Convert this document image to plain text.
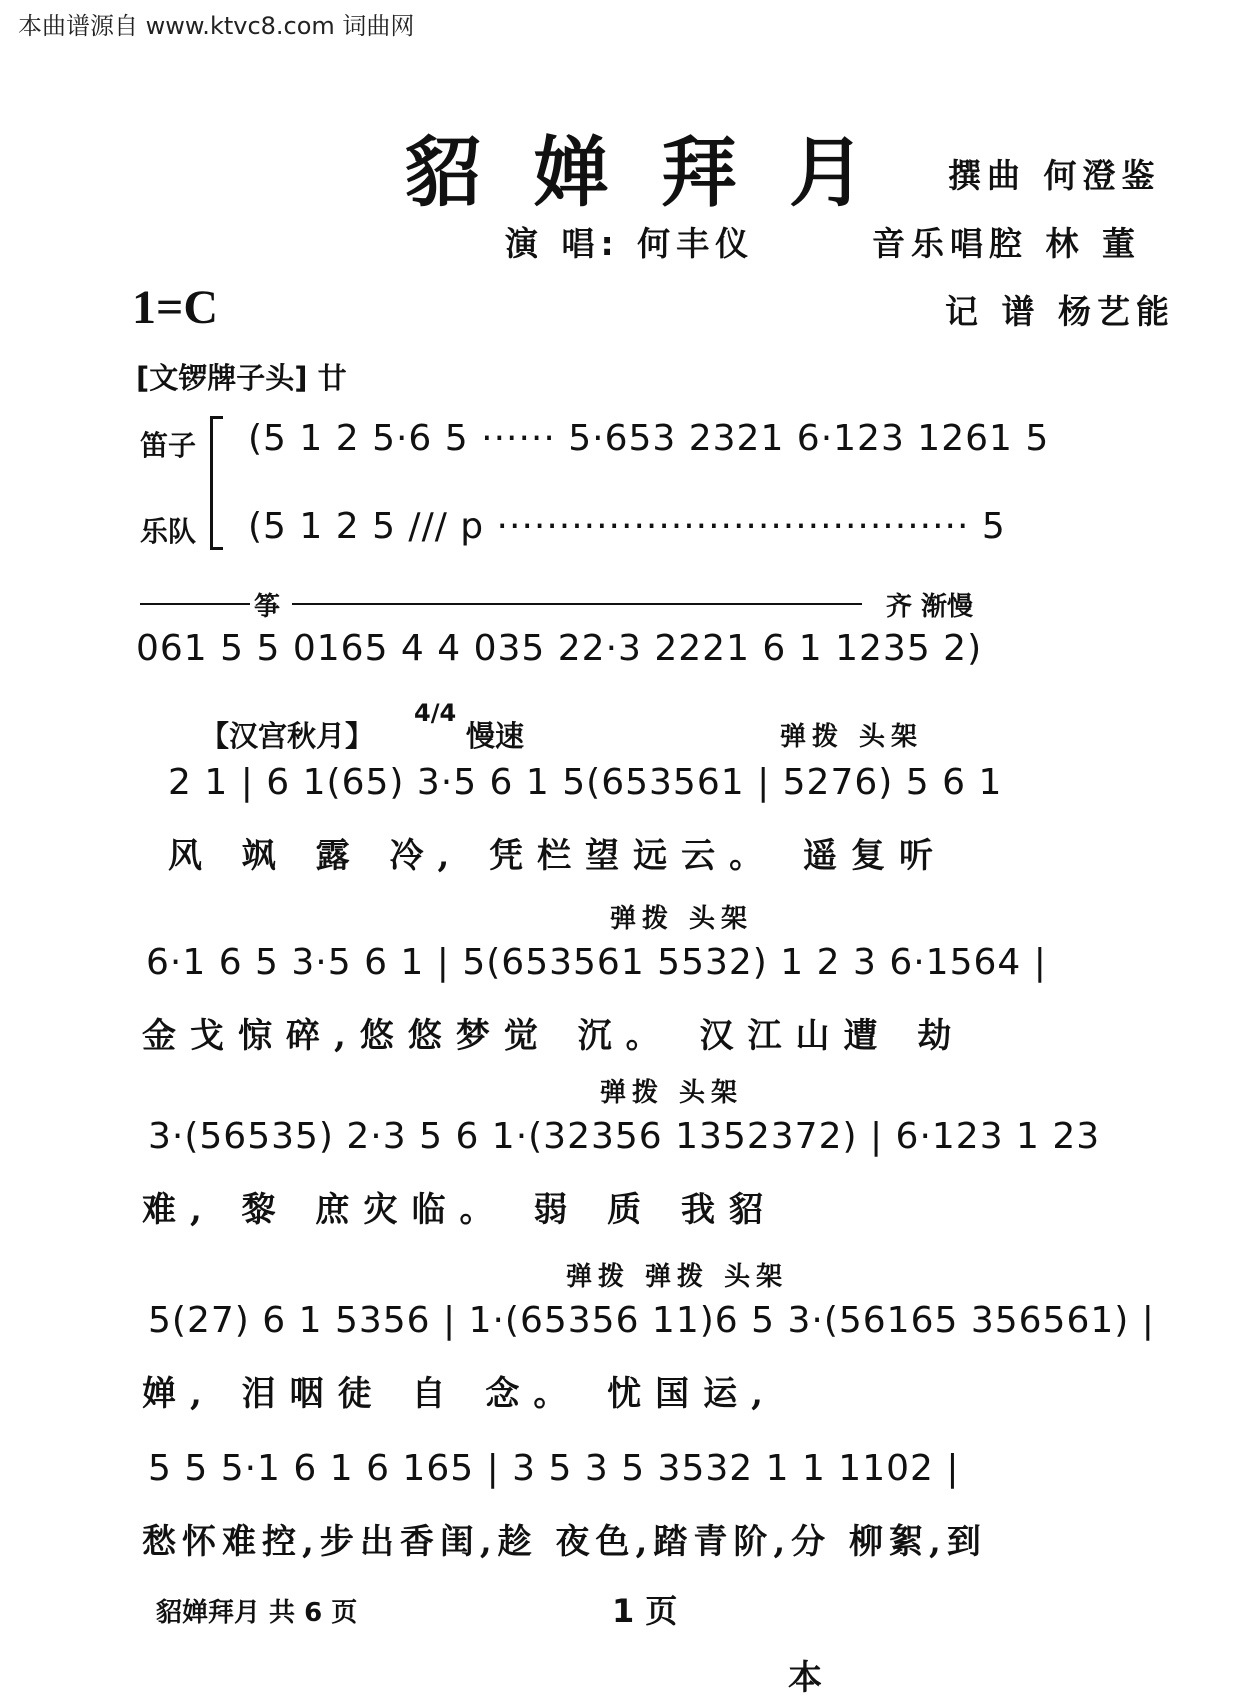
本曲谱源自 www.ktvc8.com 词曲网
貂婵拜月 撰曲 何澄鉴
演 唱: 何丰仪	音乐唱腔 林 董
记 谱 杨艺能
1=C
[文锣牌子头] 廿
笛子
乐队
(5 1 2 5·6 5 ······ 5·653 2321 6·123 1261 5
(5 1 2 5 /// p ······································ 5
筝	齐 渐慢
061 5 5 0165 4 4 035 22·3 2221 6 1 1235 2)
【汉宫秋月】
4/4
慢速	弹拨 头架
2 1 | 6 1(65) 3·5 6 1 5(653561 | 5276) 5 6 1
风 飒 露 冷, 凭栏望远云。 遥复听
弹拨 头架
6·1 6 5 3·5 6 1 | 5(653561 5532) 1 2 3 6·1564 |
金戈惊碎,悠悠梦觉 沉。 汉江山遭 劫
弹拨 头架
3·(56535) 2·3 5 6 1·(32356 1352372) | 6·123 1 23
难, 黎 庶灾临。 弱 质 我貂
弹拨 弹拨 头架
5(27) 6 1 5356 | 1·(65356 11)6 5 3·(56165 356561) |
婵, 泪咽徒 自 念。 忧国运,
5 5 5·1 6 1 6 165 | 3 5 3 5 3532 1 1 1102 |
愁怀难控,步出香闺,趁 夜色,踏青阶,分 柳絮,到
貂婵拜月 共 6 页	1 页
本
